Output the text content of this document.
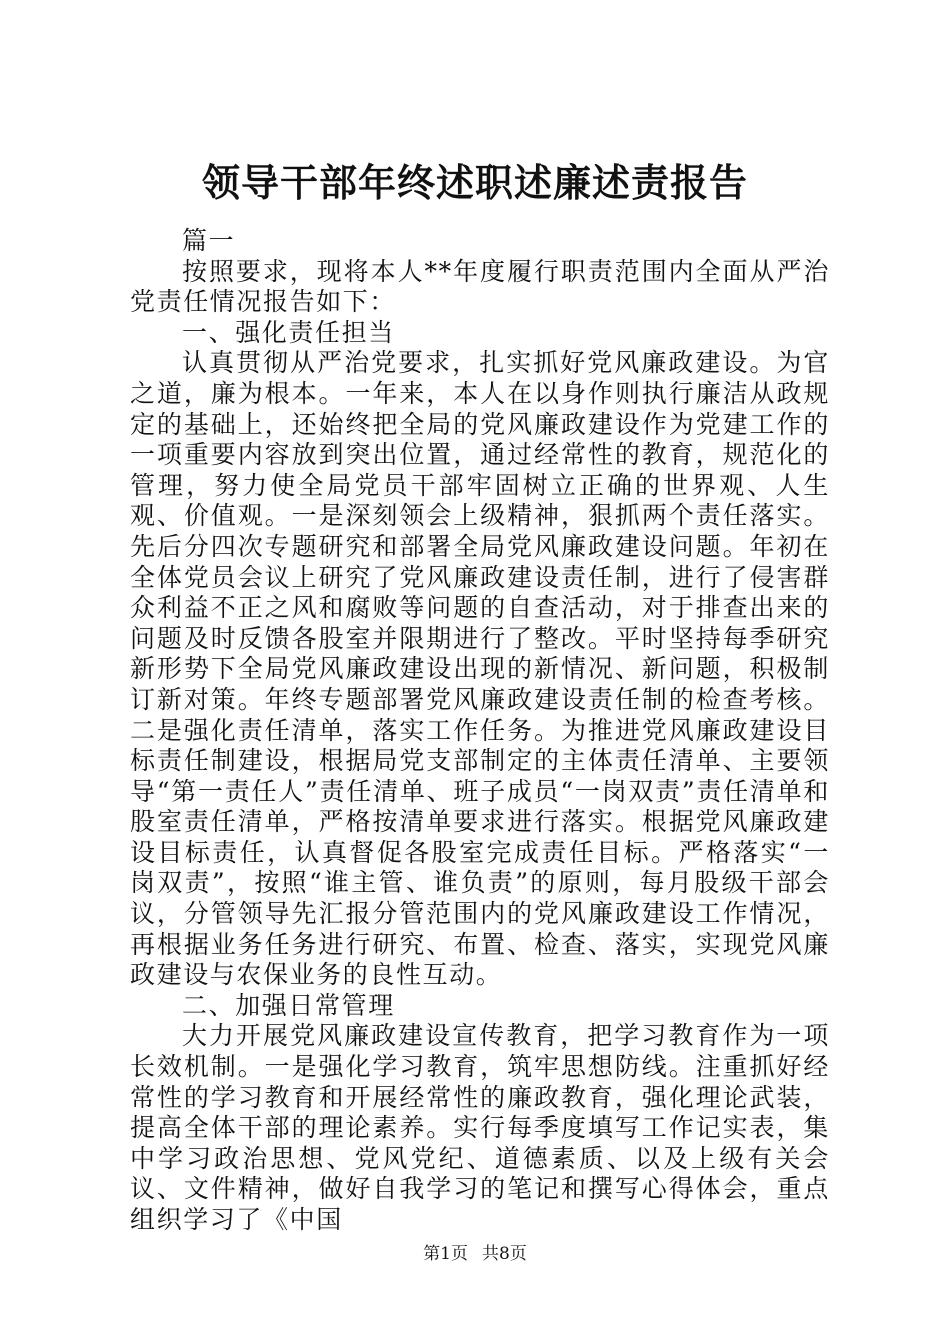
领导干部年终述职述廉述责报告

篇一

按照要求，现将本人**年度履行职责范围内全面从严治党责任情况报告如下：

一、强化责任担当

认真贯彻从严治党要求，扎实抓好党风廉政建设。为官之道，廉为根本。一年来，本人在以身作则执行廉洁从政规定的基础上，还始终把全局的党风廉政建设作为党建工作的一项重要内容放到突出位置，通过经常性的教育，规范化的管理，努力使全局党员干部牢固树立正确的世界观、人生观、价值观。一是深刻领会上级精神，狠抓两个责任落实。先后分四次专题研究和部署全局党风廉政建设问题。年初在全体党员会议上研究了党风廉政建设责任制，进行了侵害群众利益不正之风和腐败等问题的自查活动，对于排查出来的问题及时反馈各股室并限期进行了整改。平时坚持每季研究新形势下全局党风廉政建设出现的新情况、新问题，积极制订新对策。年终专题部署党风廉政建设责任制的检查考核。二是强化责任清单，落实工作任务。为推进党风廉政建设目标责任制建设，根据局党支部制定的主体责任清单、主要领导“第一责任人”责任清单、班子成员“一岗双责”责任清单和股室责任清单，严格按清单要求进行落实。根据党风廉政建设目标责任，认真督促各股室完成责任目标。严格落实“一岗双责”，按照“谁主管、谁负责”的原则，每月股级干部会议，分管领导先汇报分管范围内的党风廉政建设工作情况，再根据业务任务进行研究、布置、检查、落实，实现党风廉政建设与农保业务的良性互动。

二、加强日常管理

大力开展党风廉政建设宣传教育，把学习教育作为一项长效机制。一是强化学习教育，筑牢思想防线。注重抓好经常性的学习教育和开展经常性的廉政教育，强化理论武装，提高全体干部的理论素养。实行每季度填写工作记实表，集中学习政治思想、党风党纪、道德素质、以及上级有关会议、文件精神，做好自我学习的笔记和撰写心得体会，重点组织学习了《中国

第1页 共8页
